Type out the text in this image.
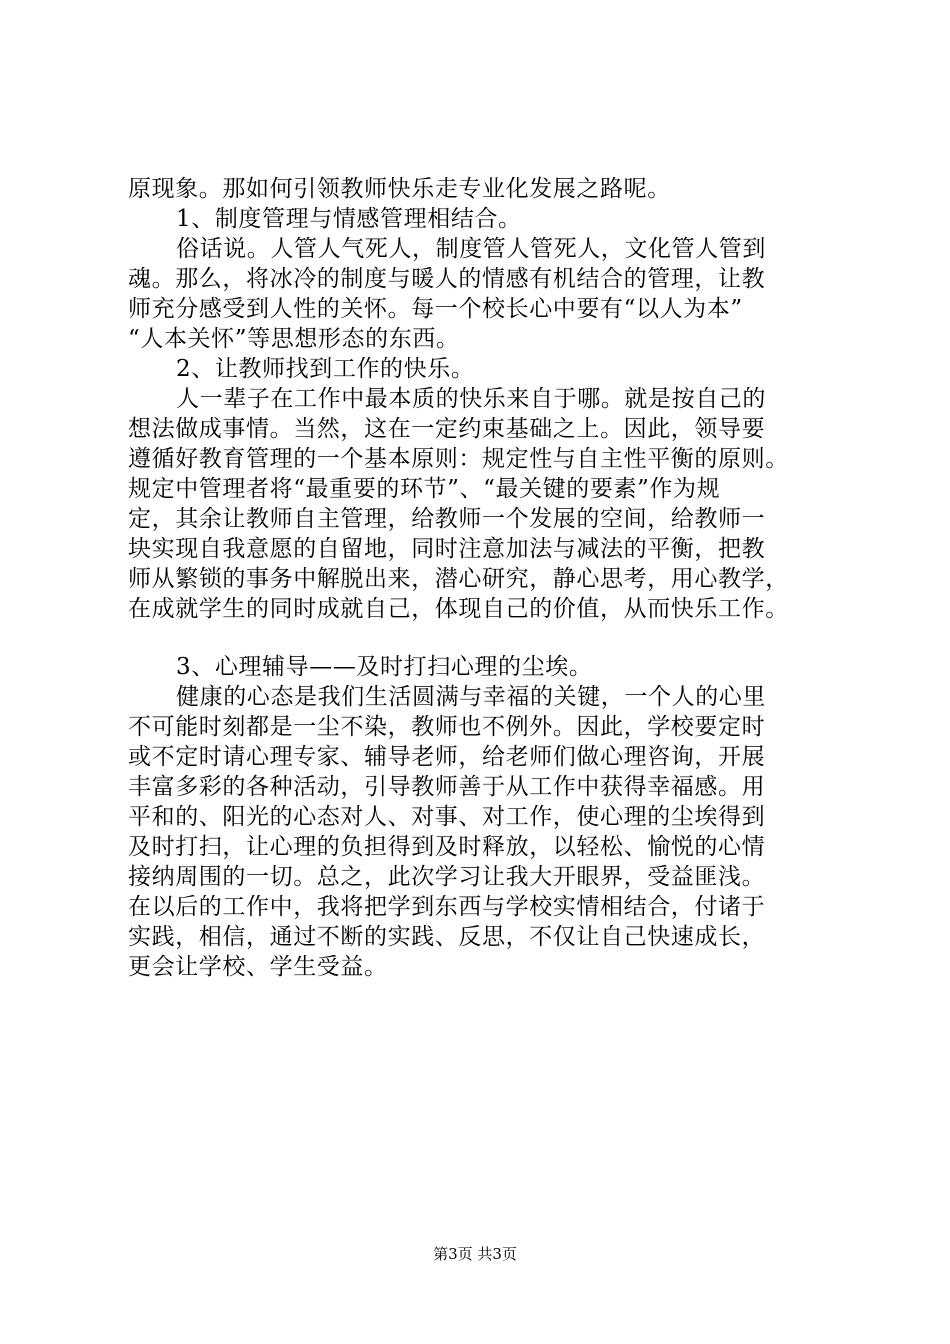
原现象。那如何引领教师快乐走专业化发展之路呢。
1、制度管理与情感管理相结合。
俗话说。人管人气死人，制度管人管死人，文化管人管到
魂。那么，将冰冷的制度与暖人的情感有机结合的管理，让教
师充分感受到人性的关怀。每一个校长心中要有“以人为本”
“人本关怀”等思想形态的东西。
2、让教师找到工作的快乐。
人一辈子在工作中最本质的快乐来自于哪。就是按自己的
想法做成事情。当然，这在一定约束基础之上。因此，领导要
遵循好教育管理的一个基本原则：规定性与自主性平衡的原则。
规定中管理者将“最重要的环节”、“最关键的要素”作为规
定，其余让教师自主管理，给教师一个发展的空间，给教师一
块实现自我意愿的自留地，同时注意加法与减法的平衡，把教
师从繁锁的事务中解脱出来，潜心研究，静心思考，用心教学，
在成就学生的同时成就自己，体现自己的价值，从而快乐工作。
3、心理辅导——及时打扫心理的尘埃。
健康的心态是我们生活圆满与幸福的关键，一个人的心里
不可能时刻都是一尘不染，教师也不例外。因此，学校要定时
或不定时请心理专家、辅导老师，给老师们做心理咨询，开展
丰富多彩的各种活动，引导教师善于从工作中获得幸福感。用
平和的、阳光的心态对人、对事、对工作，使心理的尘埃得到
及时打扫，让心理的负担得到及时释放，以轻松、愉悦的心情
接纳周围的一切。总之，此次学习让我大开眼界，受益匪浅。
在以后的工作中，我将把学到东西与学校实情相结合，付诸于
实践，相信，通过不断的实践、反思，不仅让自己快速成长，
更会让学校、学生受益。
第3页 共3页
